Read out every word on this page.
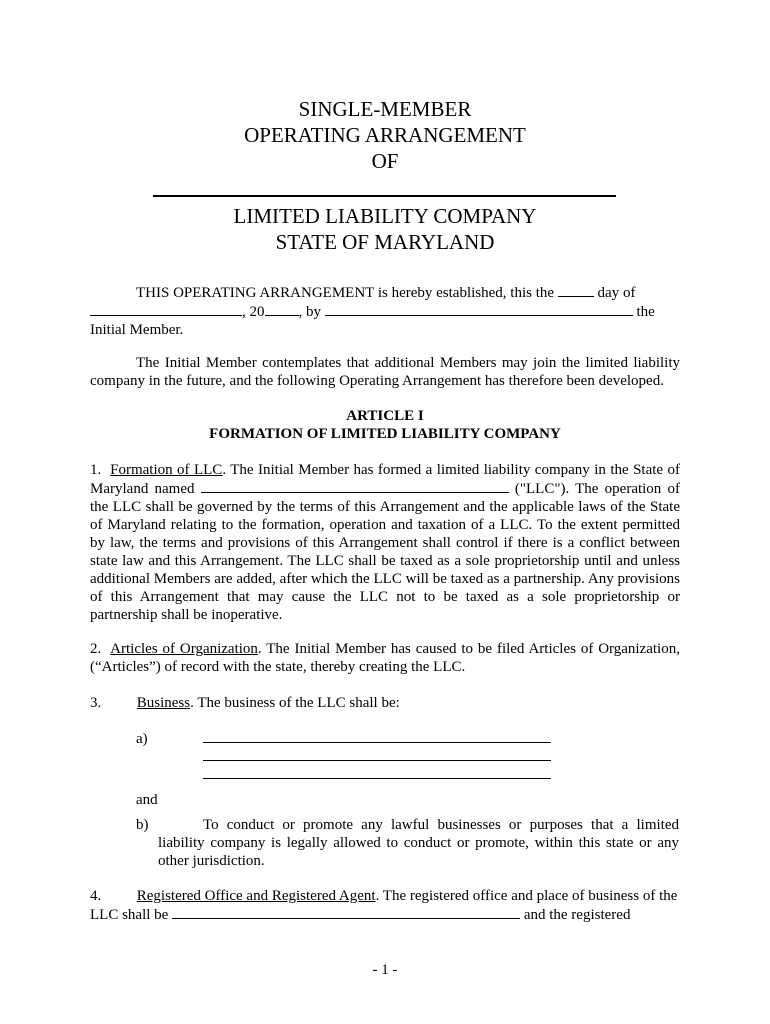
SINGLE-MEMBER
OPERATING ARRANGEMENT
OF
LIMITED LIABILITY COMPANY
STATE OF MARYLAND
THIS OPERATING ARRANGEMENT is hereby established, this the	day of
, 20 , by	the
Initial Member.
The Initial Member contemplates that additional Members may join the limited liability company in the future, and the following Operating Arrangement has therefore been developed.
ARTICLE I
FORMATION OF LIMITED LIABILITY COMPANY
1. Formation of LLC. The Initial Member has formed a limited liability company in the State of Maryland named	("LLC"). The operation of the LLC shall be governed by the terms of this Arrangement and the applicable laws of the State of Maryland relating to the formation, operation and taxation of a LLC. To the extent permitted by law, the terms and provisions of this Arrangement shall control if there is a conflict between state law and this Arrangement. The LLC shall be taxed as a sole proprietorship until and unless additional Members are added, after which the LLC will be taxed as a partnership. Any provisions of this Arrangement that may cause the LLC not to be taxed as a sole proprietorship or partnership shall be inoperative.
2. Articles of Organization. The Initial Member has caused to be filed Articles of Organization, (“Articles”) of record with the state, thereby creating the LLC.
3. Business. The business of the LLC shall be:
a)
and
b)	To conduct or promote any lawful businesses or purposes that a limited liability company is legally allowed to conduct or promote, within this state or any other jurisdiction.
4. Registered Office and Registered Agent. The registered office and place of business of the LLC shall be	and the registered
- 1 -
